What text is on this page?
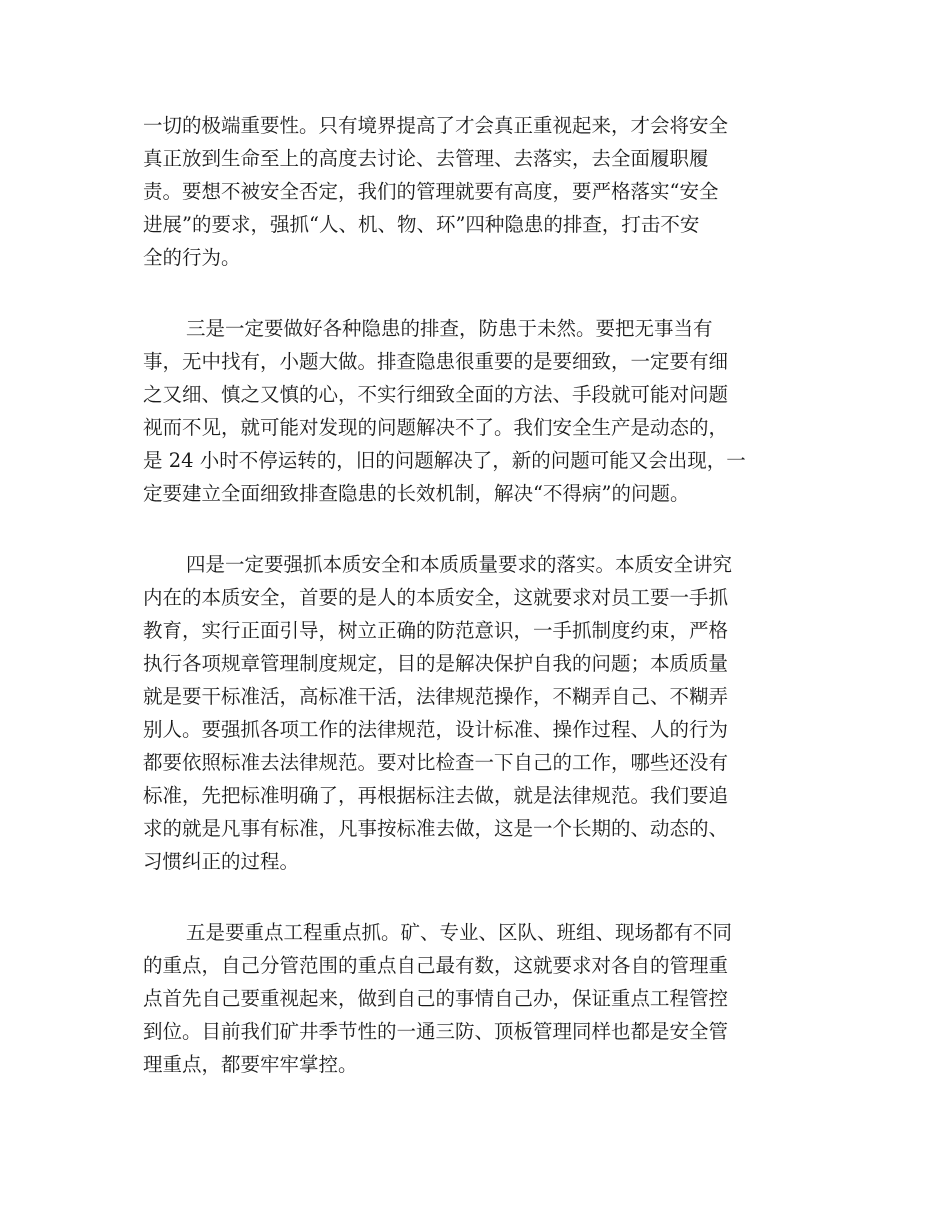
一切的极端重要性。只有境界提高了才会真正重视起来，才会将安全
真正放到生命至上的高度去讨论、去管理、去落实，去全面履职履
责。要想不被安全否定，我们的管理就要有高度，要严格落实“安全
进展”的要求，强抓“人、机、物、环”四种隐患的排查，打击不安
全的行为。
三是一定要做好各种隐患的排查，防患于未然。要把无事当有
事，无中找有，小题大做。排查隐患很重要的是要细致，一定要有细
之又细、慎之又慎的心，不实行细致全面的方法、手段就可能对问题
视而不见，就可能对发现的问题解决不了。我们安全生产是动态的，
是 24 小时不停运转的，旧的问题解决了，新的问题可能又会出现，一
定要建立全面细致排查隐患的长效机制，解决“不得病”的问题。
四是一定要强抓本质安全和本质质量要求的落实。本质安全讲究
内在的本质安全，首要的是人的本质安全，这就要求对员工要一手抓
教育，实行正面引导，树立正确的防范意识，一手抓制度约束，严格
执行各项规章管理制度规定，目的是解决保护自我的问题；本质质量
就是要干标准活，高标准干活，法律规范操作，不糊弄自己、不糊弄
别人。要强抓各项工作的法律规范，设计标准、操作过程、人的行为
都要依照标准去法律规范。要对比检查一下自己的工作，哪些还没有
标准，先把标准明确了，再根据标注去做，就是法律规范。我们要追
求的就是凡事有标准，凡事按标准去做，这是一个长期的、动态的、
习惯纠正的过程。
五是要重点工程重点抓。矿、专业、区队、班组、现场都有不同
的重点，自己分管范围的重点自己最有数，这就要求对各自的管理重
点首先自己要重视起来，做到自己的事情自己办，保证重点工程管控
到位。目前我们矿井季节性的一通三防、顶板管理同样也都是安全管
理重点，都要牢牢掌控。
